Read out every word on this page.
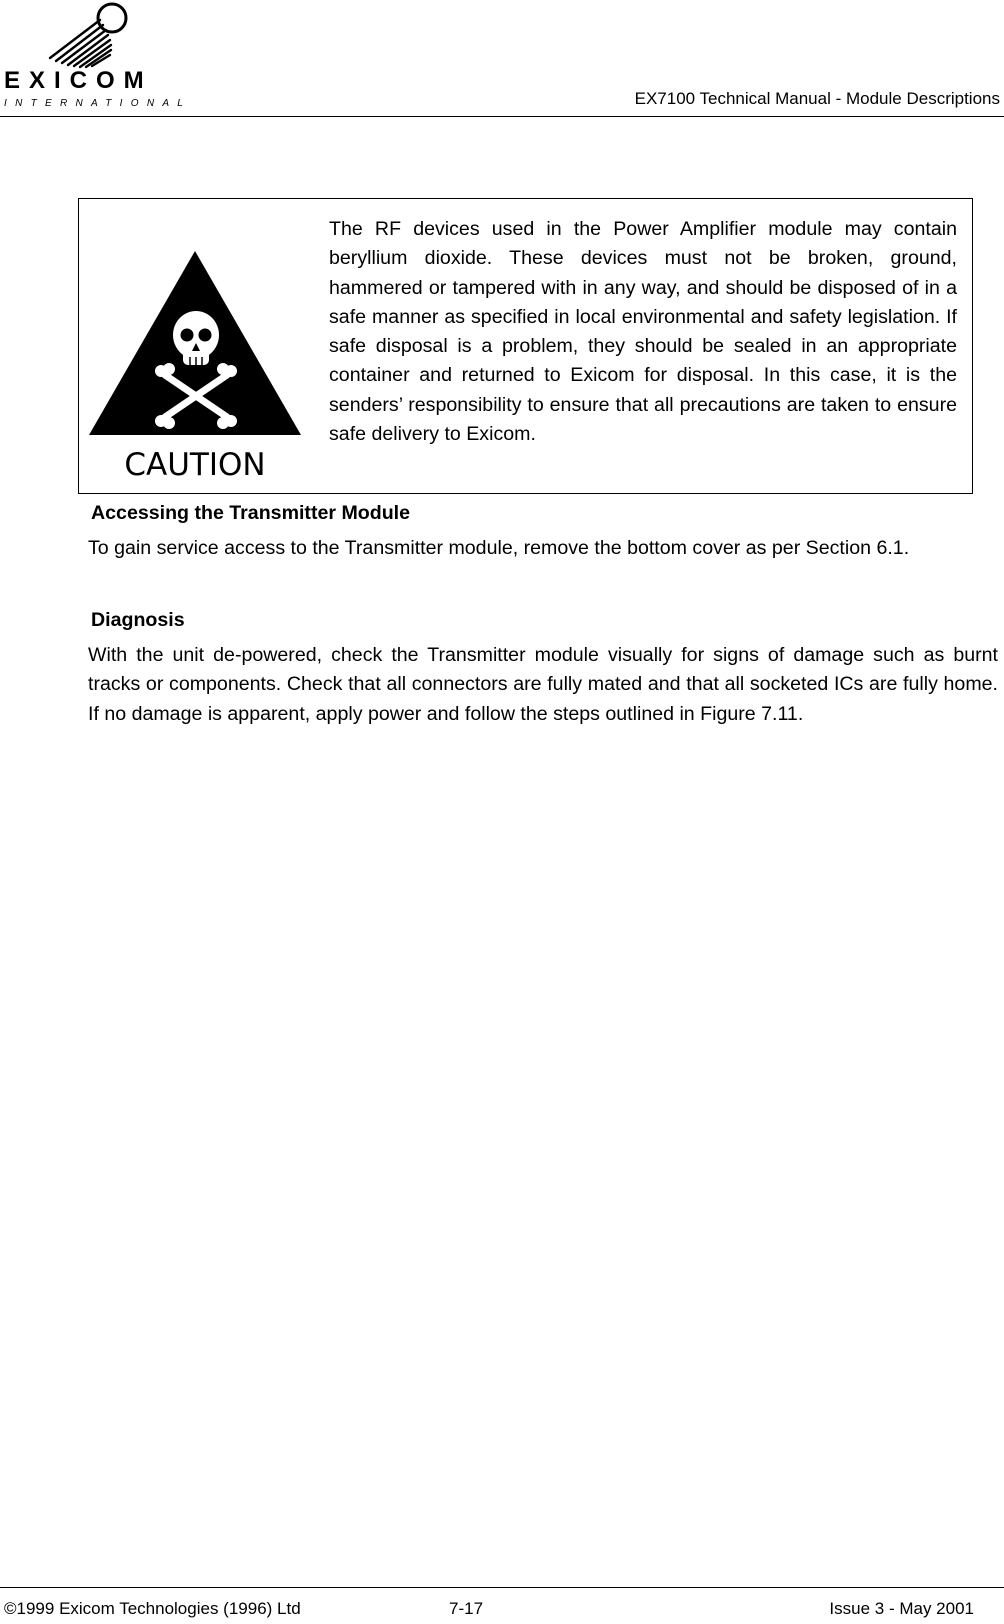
EXICOM
INTERNATIONAL	EX7100 Technical Manual - Module Descriptions
CAUTION

The RF devices used in the Power Amplifier module may contain beryllium dioxide. These devices must not be broken, ground, hammered or tampered with in any way, and should be disposed of in a safe manner as specified in local environmental and safety legislation. If safe disposal is a problem, they should be sealed in an appropriate container and returned to Exicom for disposal. In this case, it is the senders’ responsibility to ensure that all precautions are taken to ensure safe delivery to Exicom.

Accessing the Transmitter Module

To gain service access to the Transmitter module, remove the bottom cover as per Section 6.1.

Diagnosis

With the unit de-powered, check the Transmitter module visually for signs of damage such as burnt tracks or components. Check that all connectors are fully mated and that all socketed ICs are fully home. If no damage is apparent, apply power and follow the steps outlined in Figure 7.11.

©1999 Exicom Technologies (1996) Ltd	7-17	Issue 3 - May 2001
